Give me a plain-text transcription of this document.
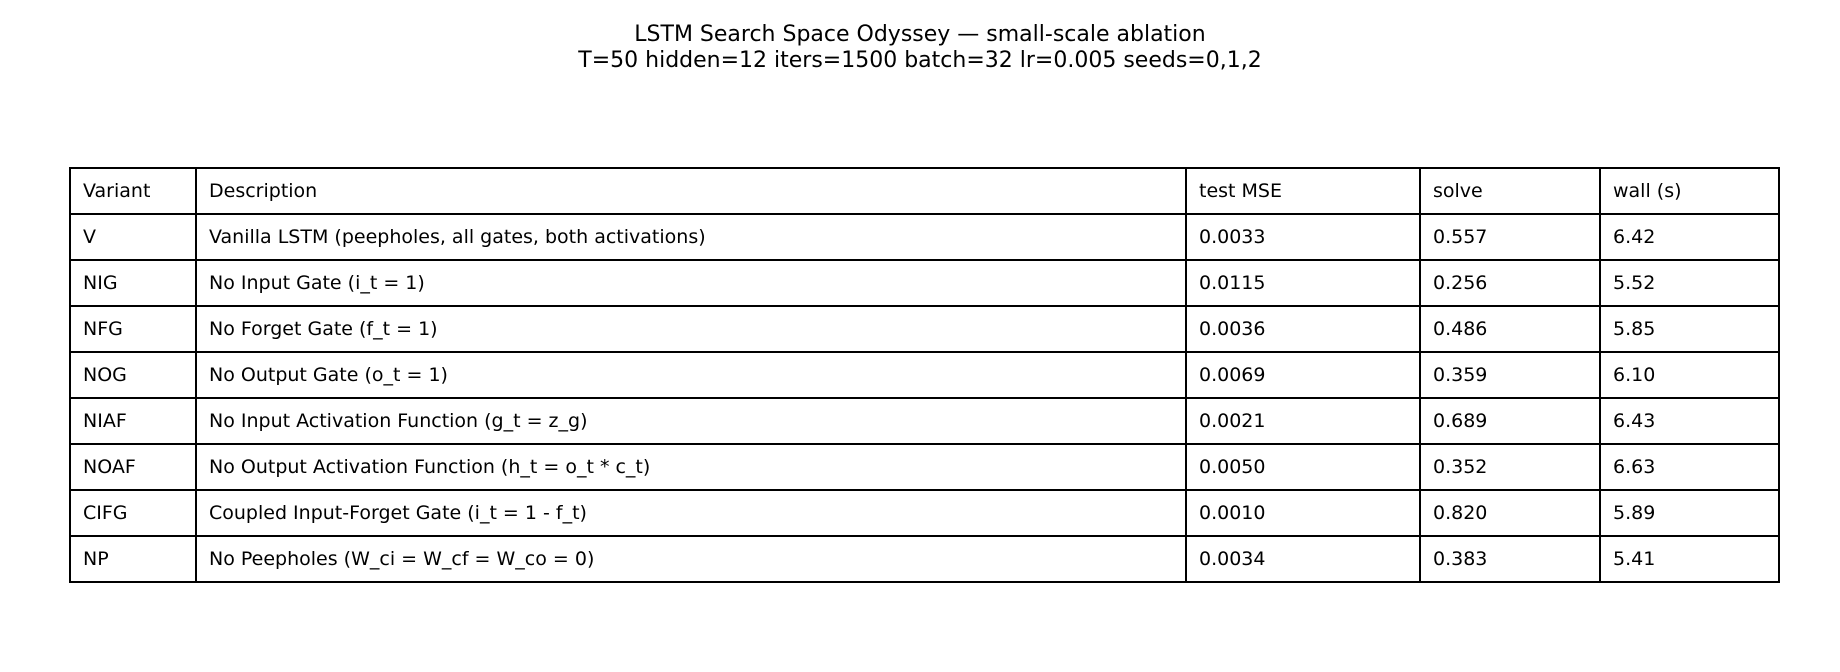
LSTM Search Space Odyssey — small-scale ablation
T=50 hidden=12 iters=1500 batch=32 lr=0.005 seeds=0,1,2
Variant	Description	test MSE	solve	wall (s)
V	Vanilla LSTM (peepholes, all gates, both activations)	0.0033	0.557	6.42
NIG	No Input Gate (i_t = 1)	0.0115	0.256	5.52
NFG	No Forget Gate (f_t = 1)	0.0036	0.486	5.85
NOG	No Output Gate (o_t = 1)	0.0069	0.359	6.10
NIAF	No Input Activation Function (g_t = z_g)	0.0021	0.689	6.43
NOAF	No Output Activation Function (h_t = o_t * c_t)	0.0050	0.352	6.63
CIFG	Coupled Input-Forget Gate (i_t = 1 - f_t)	0.0010	0.820	5.89
NP	No Peepholes (W_ci = W_cf = W_co = 0)	0.0034	0.383	5.41
